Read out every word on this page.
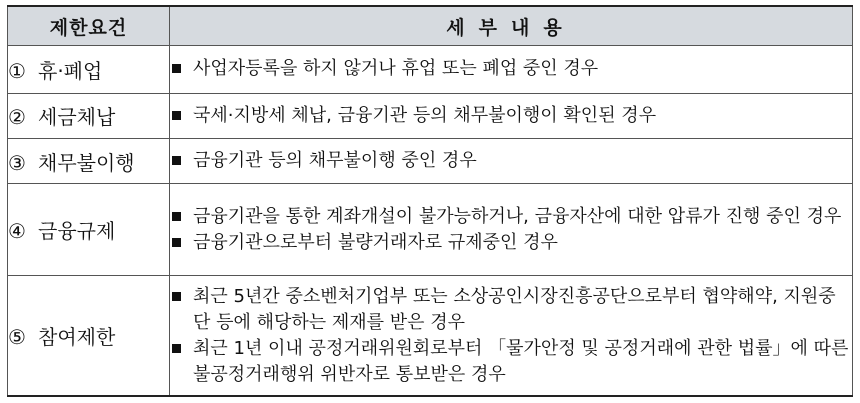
제한요건	세부내용
① 휴·폐업	사업자등록을 하지 않거나 휴업 또는 폐업 중인 경우

② 세금체납	국세·지방세 체납, 금융기관 등의 채무불이행이 확인된 경우

③ 채무불이행	금융기관 등의 채무불이행 중인 경우

④ 금융규제	금융기관을 통한 계좌개설이 불가능하거나, 금융자산에 대한 압류가 진행 중인 경우
금융기관으로부터 불량거래자로 규제중인 경우

⑤ 참여제한	최근 5년간 중소벤처기업부 또는 소상공인시장진흥공단으로부터 협약해약, 지원중단 등에 해당하는 제재를 받은 경우
최근 1년 이내 공정거래위원회로부터 「물가안정 및 공정거래에 관한 법률」에 따른 불공정거래행위 위반자로 통보받은 경우
